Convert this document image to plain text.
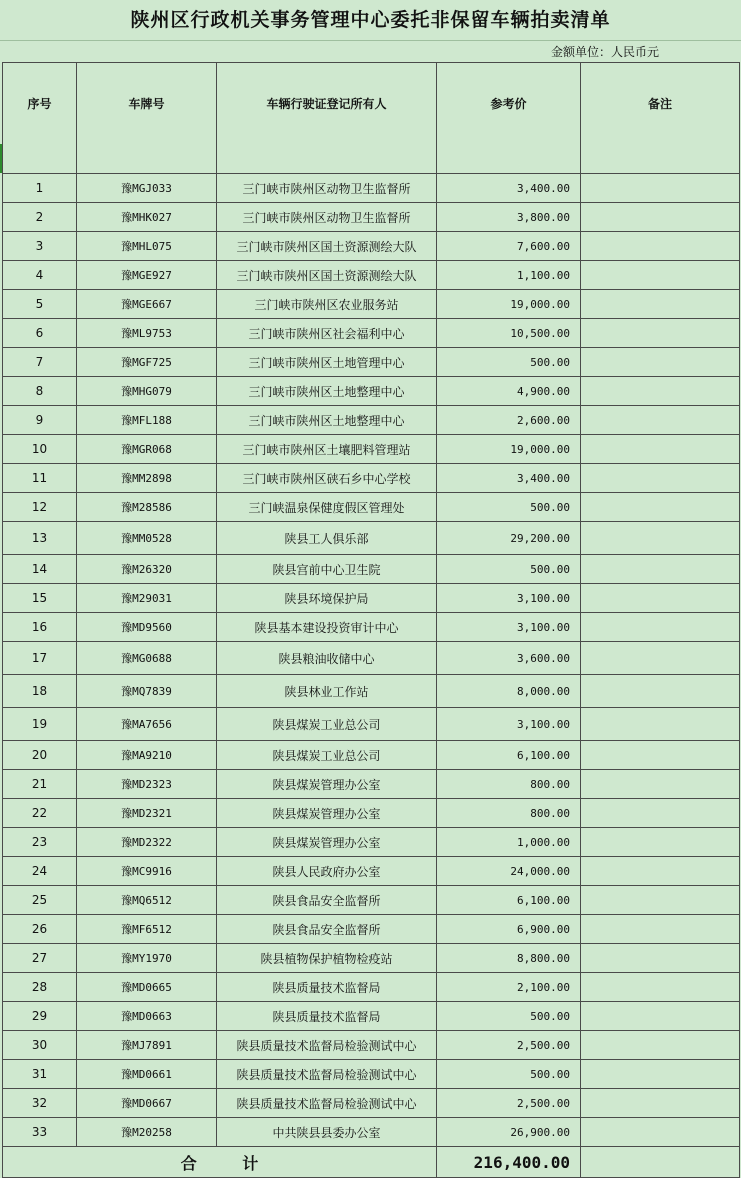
陕州区行政机关事务管理中心委托非保留车辆拍卖清单
金额单位：人民币元
序号	车牌号	车辆行驶证登记所有人	参考价	备注
1	豫MGJ033	三门峡市陕州区动物卫生监督所	3,400.00	
2	豫MHK027	三门峡市陕州区动物卫生监督所	3,800.00	
3	豫MHL075	三门峡市陕州区国土资源测绘大队	7,600.00	
4	豫MGE927	三门峡市陕州区国土资源测绘大队	1,100.00	
5	豫MGE667	三门峡市陕州区农业服务站	19,000.00	
6	豫ML9753	三门峡市陕州区社会福利中心	10,500.00	
7	豫MGF725	三门峡市陕州区土地管理中心	500.00	
8	豫MHG079	三门峡市陕州区土地整理中心	4,900.00	
9	豫MFL188	三门峡市陕州区土地整理中心	2,600.00	
10	豫MGR068	三门峡市陕州区土壤肥料管理站	19,000.00	
11	豫MM2898	三门峡市陕州区硖石乡中心学校	3,400.00	
12	豫M28586	三门峡温泉保健度假区管理处	500.00	
13	豫MM0528	陕县工人俱乐部	29,200.00	
14	豫M26320	陕县宫前中心卫生院	500.00	
15	豫M29031	陕县环境保护局	3,100.00	
16	豫MD9560	陕县基本建设投资审计中心	3,100.00	
17	豫MG0688	陕县粮油收储中心	3,600.00	
18	豫MQ7839	陕县林业工作站	8,000.00	
19	豫MA7656	陕县煤炭工业总公司	3,100.00	
20	豫MA9210	陕县煤炭工业总公司	6,100.00	
21	豫MD2323	陕县煤炭管理办公室	800.00	
22	豫MD2321	陕县煤炭管理办公室	800.00	
23	豫MD2322	陕县煤炭管理办公室	1,000.00	
24	豫MC9916	陕县人民政府办公室	24,000.00	
25	豫MQ6512	陕县食品安全监督所	6,100.00	
26	豫MF6512	陕县食品安全监督所	6,900.00	
27	豫MY1970	陕县植物保护植物检疫站	8,800.00	
28	豫MD0665	陕县质量技术监督局	2,100.00	
29	豫MD0663	陕县质量技术监督局	500.00	
30	豫MJ7891	陕县质量技术监督局检验测试中心	2,500.00	
31	豫MD0661	陕县质量技术监督局检验测试中心	500.00	
32	豫MD0667	陕县质量技术监督局检验测试中心	2,500.00	
33	豫M20258	中共陕县县委办公室	26,900.00	
合 计			216,400.00	
